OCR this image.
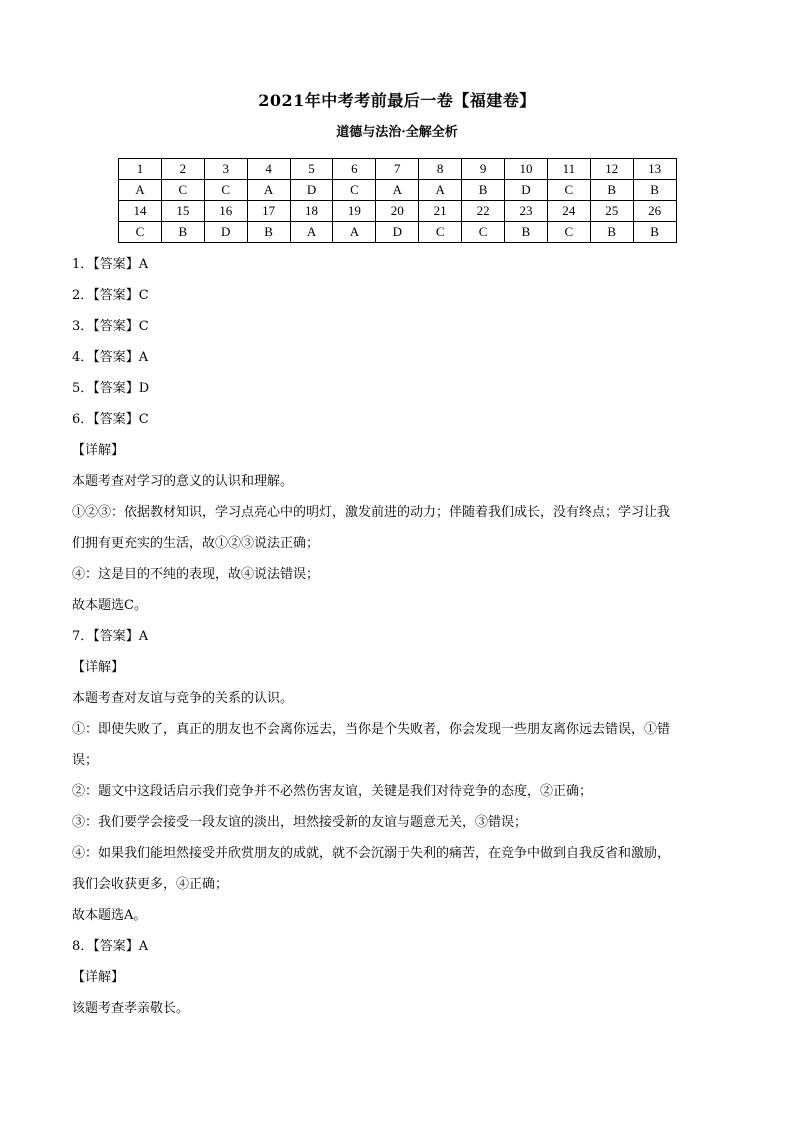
2021年中考考前最后一卷【福建卷】
道德与法治·全解全析
1	2	3	4	5	6	7	8	9	10	11	12	13
A	C	C	A	D	C	A	A	B	D	C	B	B
14	15	16	17	18	19	20	21	22	23	24	25	26
C	B	D	B	A	A	D	C	C	B	C	B	B
1．【答案】A
2．【答案】C
3．【答案】C
4．【答案】A
5．【答案】D
6．【答案】C
【详解】
本题考查对学习的意义的认识和理解。
①②③：依据教材知识，学习点亮心中的明灯，激发前进的动力；伴随着我们成长，没有终点；学习让我
们拥有更充实的生活，故①②③说法正确；
④：这是目的不纯的表现，故④说法错误；
故本题选C。
7．【答案】A
【详解】
本题考查对友谊与竞争的关系的认识。
①：即使失败了，真正的朋友也不会离你远去，当你是个失败者，你会发现一些朋友离你远去错误，①错
误；
②：题文中这段话启示我们竞争并不必然伤害友谊，关键是我们对待竞争的态度，②正确；
③：我们要学会接受一段友谊的淡出，坦然接受新的友谊与题意无关，③错误；
④：如果我们能坦然接受并欣赏朋友的成就，就不会沉溺于失利的痛苦，在竞争中做到自我反省和激励，
我们会收获更多，④正确；
故本题选A。
8．【答案】A
【详解】
该题考查孝亲敬长。
